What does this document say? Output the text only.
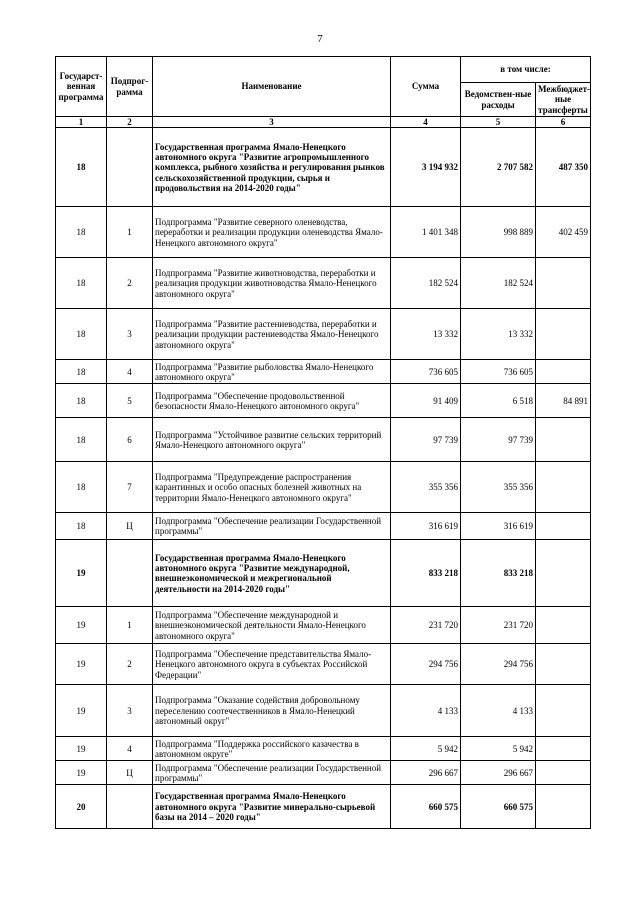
7
Государст-венная программа	Подпрог-рамма	Наименование	Сумма	в том числе:	
				Ведомствен-ные расходы	Межбюджет-ные трансферты
1	2	3	4	5	6
18		Государственная программа Ямало-Ненецкого автономного округа "Развитие агропромышленного комплекса, рыбного хозяйства и регулирования рынков сельскохозяйственной продукции, сырья и продовольствия на 2014-2020 годы"	3 194 932	2 707 582	487 350
18	1	Подпрограмма "Развитие северного оленеводства, переработки и реализации продукции оленеводства Ямало-Ненецкого автономного округа"	1 401 348	998 889	402 459
18	2	Подпрограмма "Развитие животноводства, переработки и реализация продукции животноводства Ямало-Ненецкого автономного округа"	182 524	182 524	
18	3	Подпрограмма "Развитие растениеводства, переработки и реализации продукции растениеводства Ямало-Ненецкого автономного округа"	13 332	13 332	
18	4	Подпрограмма "Развитие рыболовства Ямало-Ненецкого автономного округа"	736 605	736 605	
18	5	Подпрограмма "Обеспечение продовольственной безопасности Ямало-Ненецкого автономного округа"	91 409	6 518	84 891
18	6	Подпрограмма "Устойчивое развитие сельских территорий Ямало-Ненецкого автономного округа"	97 739	97 739	
18	7	Подпрограмма "Предупреждение распространения карантинных и особо опасных болезней животных на территории Ямало-Ненецкого автономного округа"	355 356	355 356	
18	Ц	Подпрограмма "Обеспечение реализации Государственной программы"	316 619	316 619	
19		Государственная программа Ямало-Ненецкого автономного округа "Развитие международной, внешнеэкономической и межрегиональной деятельности на 2014-2020 годы"	833 218	833 218	
19	1	Подпрограмма "Обеспечение международной и внешнеэкономической деятельности Ямало-Ненецкого автономного округа"	231 720	231 720	
19	2	Подпрограмма "Обеспечение представительства Ямало-Ненецкого автономного округа в субъектах Российской Федерации"	294 756	294 756	
19	3	Подпрограмма "Оказание содействия добровольному переселению соотечественников в Ямало-Ненецкий автономный округ"	4 133	4 133	
19	4	Подпрограмма "Поддержка российского казачества в автономном округе"	5 942	5 942	
19	Ц	Подпрограмма "Обеспечение реализации Государственной программы"	296 667	296 667	
20		Государственная программа Ямало-Ненецкого автономного округа "Развитие минерально-сырьевой базы на 2014 – 2020 годы"	660 575	660 575	
